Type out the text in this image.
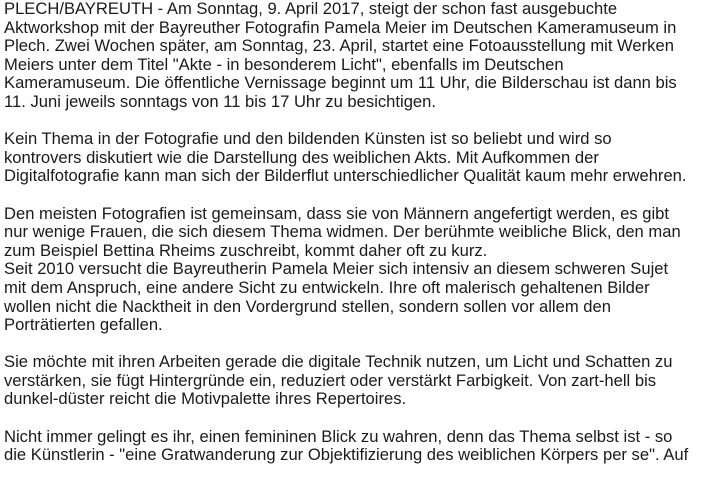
PLECH/BAYREUTH - Am Sonntag, 9. April 2017, steigt der schon fast ausgebuchte
Aktworkshop mit der Bayreuther Fotografin Pamela Meier im Deutschen Kameramuseum in
Plech. Zwei Wochen später, am Sonntag, 23. April, startet eine Fotoausstellung mit Werken
Meiers unter dem Titel "Akte - in besonderem Licht", ebenfalls im Deutschen
Kameramuseum. Die öffentliche Vernissage beginnt um 11 Uhr, die Bilderschau ist dann bis
11. Juni jeweils sonntags von 11 bis 17 Uhr zu besichtigen.

Kein Thema in der Fotografie und den bildenden Künsten ist so beliebt und wird so
kontrovers diskutiert wie die Darstellung des weiblichen Akts. Mit Aufkommen der
Digitalfotografie kann man sich der Bilderflut unterschiedlicher Qualität kaum mehr erwehren.

Den meisten Fotografien ist gemeinsam, dass sie von Männern angefertigt werden, es gibt
nur wenige Frauen, die sich diesem Thema widmen. Der berühmte weibliche Blick, den man
zum Beispiel Bettina Rheims zuschreibt, kommt daher oft zu kurz.
Seit 2010 versucht die Bayreutherin Pamela Meier sich intensiv an diesem schweren Sujet
mit dem Anspruch, eine andere Sicht zu entwickeln. Ihre oft malerisch gehaltenen Bilder
wollen nicht die Nacktheit in den Vordergrund stellen, sondern sollen vor allem den
Porträtierten gefallen.

Sie möchte mit ihren Arbeiten gerade die digitale Technik nutzen, um Licht und Schatten zu
verstärken, sie fügt Hintergründe ein, reduziert oder verstärkt Farbigkeit. Von zart-hell bis
dunkel-düster reicht die Motivpalette ihres Repertoires.

Nicht immer gelingt es ihr, einen femininen Blick zu wahren, denn das Thema selbst ist - so
die Künstlerin - "eine Gratwanderung zur Objektifizierung des weiblichen Körpers per se". Auf
